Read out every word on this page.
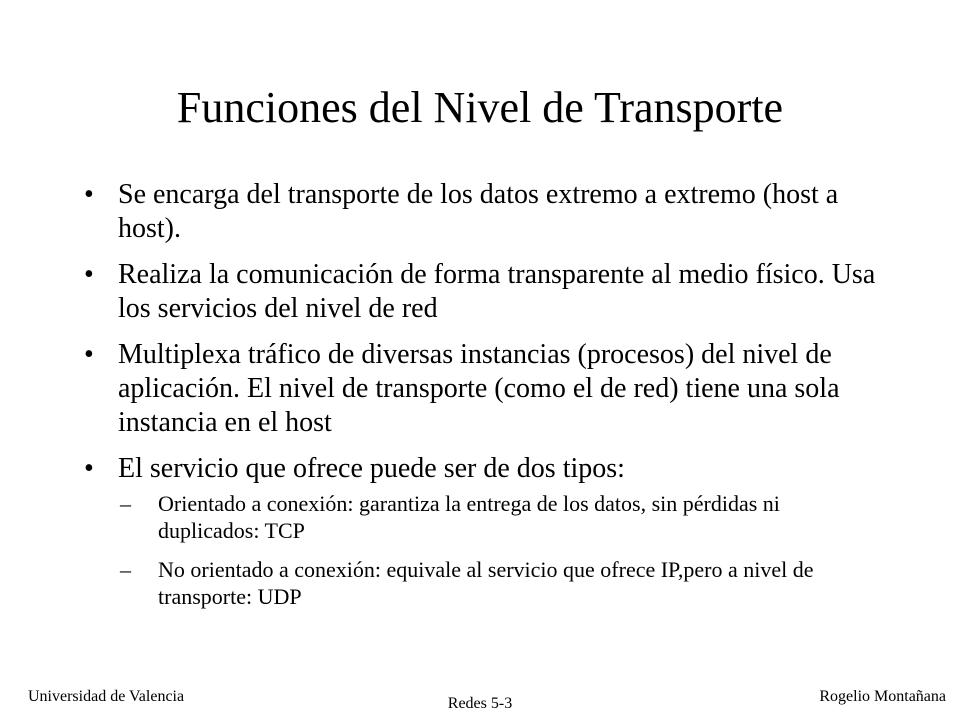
Funciones del Nivel de Transporte
• Se encarga del transporte de los datos extremo a extremo (host a host).
• Realiza la comunicación de forma transparente al medio físico. Usa los servicios del nivel de red
• Multiplexa tráfico de diversas instancias (procesos) del nivel de aplicación. El nivel de transporte (como el de red) tiene una sola instancia en el host
• El servicio que ofrece puede ser de dos tipos:
– Orientado a conexión: garantiza la entrega de los datos, sin pérdidas ni duplicados: TCP
– No orientado a conexión: equivale al servicio que ofrece IP,pero a nivel de transporte: UDP
Universidad de Valencia	Redes 5-3	Rogelio Montañana
